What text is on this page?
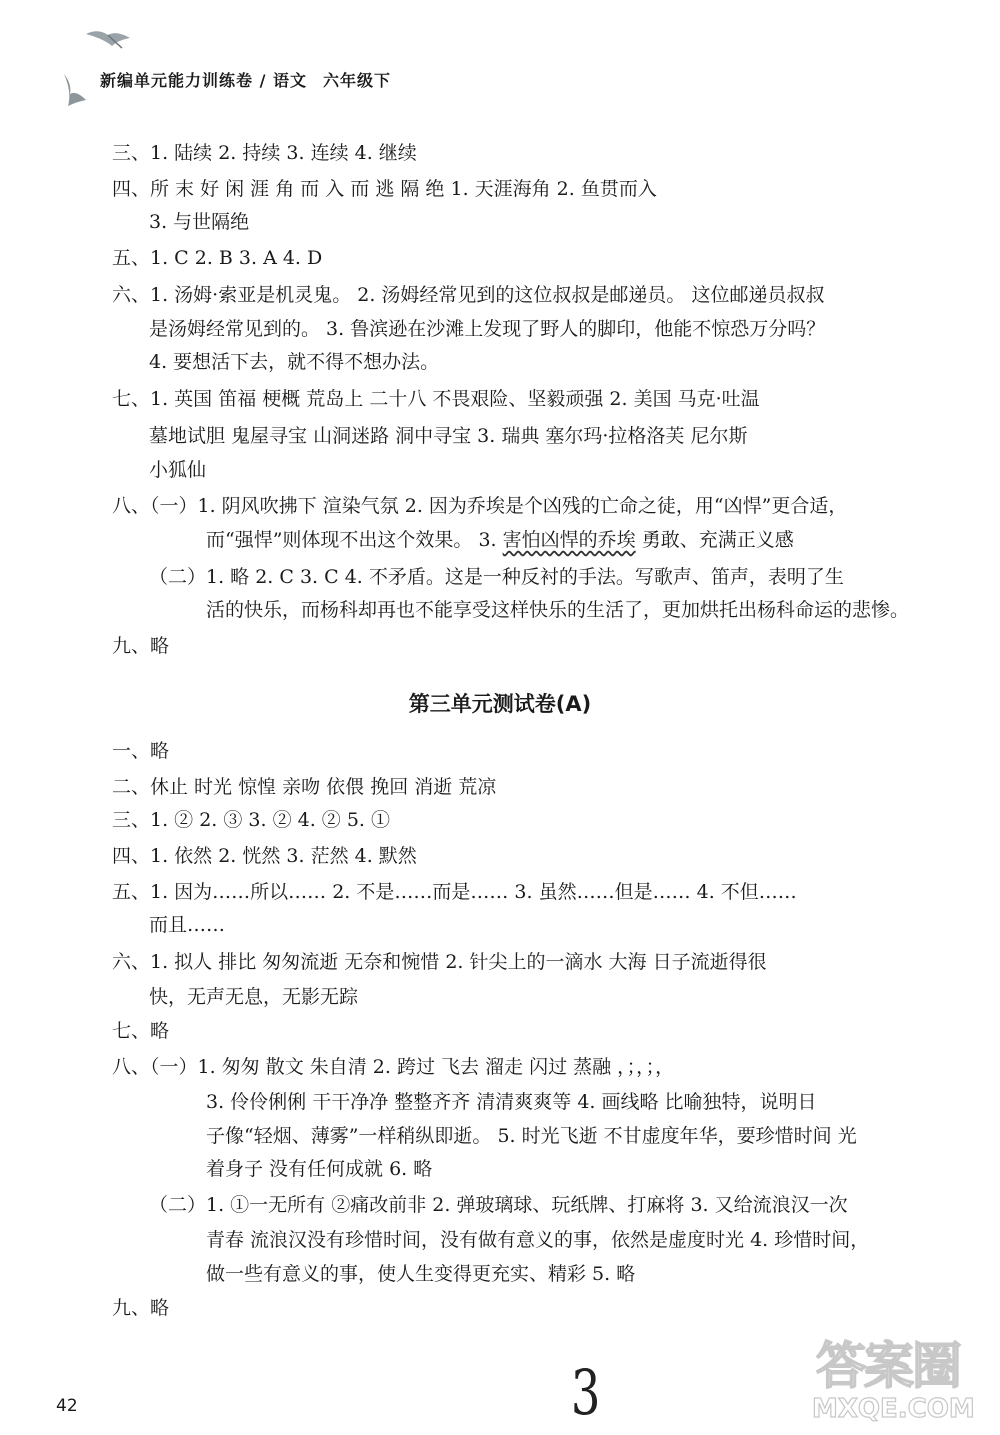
新编单元能力训练卷 / 语文 六年级下
三、1. 陆续 2. 持续 3. 连续 4. 继续
四、所 末 好 闲 涯 角 而 入 而 逃 隔 绝 1. 天涯海角 2. 鱼贯而入
3. 与世隔绝
五、1. C 2. B 3. A 4. D
六、1. 汤姆·索亚是机灵鬼。 2. 汤姆经常见到的这位叔叔是邮递员。 这位邮递员叔叔
是汤姆经常见到的。 3. 鲁滨逊在沙滩上发现了野人的脚印，他能不惊恐万分吗？
4. 要想活下去，就不得不想办法。
七、1. 英国 笛福 梗概 荒岛上 二十八 不畏艰险、坚毅顽强 2. 美国 马克·吐温
墓地试胆 鬼屋寻宝 山洞迷路 洞中寻宝 3. 瑞典 塞尔玛·拉格洛芙 尼尔斯
小狐仙
八、（一）1. 阴风吹拂下 渲染气氛 2. 因为乔埃是个凶残的亡命之徒，用“凶悍”更合适，
而“强悍”则体现不出这个效果。 3. 害怕凶悍的乔埃 勇敢、充满正义感
（二）1. 略 2. C 3. C 4. 不矛盾。这是一种反衬的手法。写歌声、笛声，表明了生
活的快乐，而杨科却再也不能享受这样快乐的生活了，更加烘托出杨科命运的悲惨。
九、略
第三单元测试卷(A)
一、略
二、休止 时光 惊惶 亲吻 依偎 挽回 消逝 荒凉
三、1. ② 2. ③ 3. ② 4. ② 5. ①
四、1. 依然 2. 恍然 3. 茫然 4. 默然
五、1. 因为……所以…… 2. 不是……而是…… 3. 虽然……但是…… 4. 不但……
而且……
六、1. 拟人 排比 匆匆流逝 无奈和惋惜 2. 针尖上的一滴水 大海 日子流逝得很
快，无声无息，无影无踪
七、略
八、（一）1. 匆匆 散文 朱自清 2. 跨过 飞去 溜走 闪过 蒸融 ，；，；，
3. 伶伶俐俐 干干净净 整整齐齐 清清爽爽等 4. 画线略 比喻独特，说明日
子像“轻烟、薄雾”一样稍纵即逝。 5. 时光飞逝 不甘虚度年华，要珍惜时间 光
着身子 没有任何成就 6. 略
（二）1. ①一无所有 ②痛改前非 2. 弹玻璃球、玩纸牌、打麻将 3. 又给流浪汉一次
青春 流浪汉没有珍惜时间，没有做有意义的事，依然是虚度时光 4. 珍惜时间，
做一些有意义的事，使人生变得更充实、精彩 5. 略
九、略
3
42
答案圈
MXQE.COM
